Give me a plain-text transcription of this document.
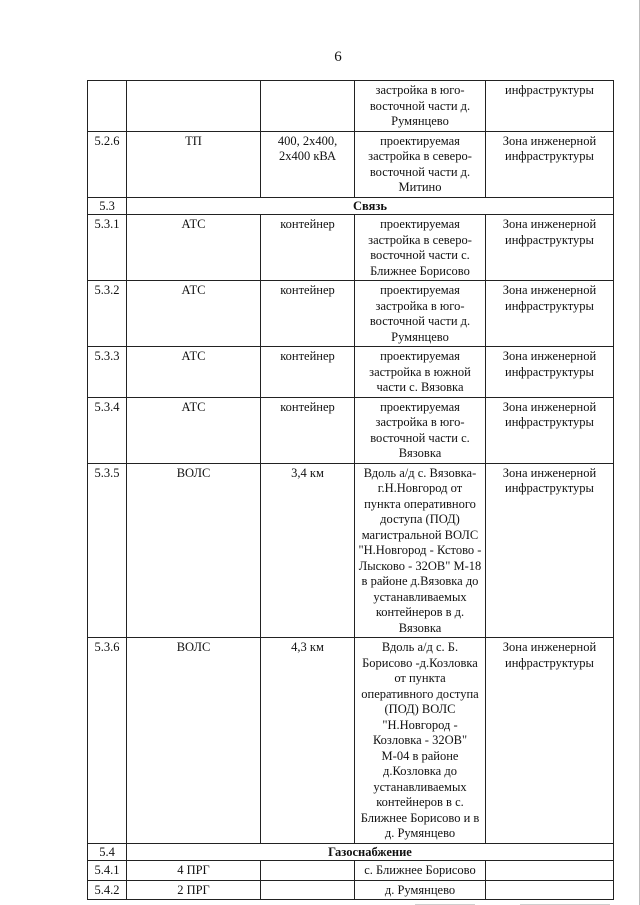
6
			застройка в юго-восточной части д. Румянцево	инфраструктуры
5.2.6	ТП	400, 2х400, 2х400 кВА	проектируемая застройка в северо-восточной части д. Митино	Зона инженерной инфраструктуры
5.3	Связь			
5.3.1	АТС	контейнер	проектируемая застройка в северо-восточной части с. Ближнее Борисово	Зона инженерной инфраструктуры
5.3.2	АТС	контейнер	проектируемая застройка в юго-восточной части д. Румянцево	Зона инженерной инфраструктуры
5.3.3	АТС	контейнер	проектируемая застройка в южной части с. Вязовка	Зона инженерной инфраструктуры
5.3.4	АТС	контейнер	проектируемая застройка в юго-восточной части с. Вязовка	Зона инженерной инфраструктуры
5.3.5	ВОЛС	3,4 км	Вдоль а/д с. Вязовка-г.Н.Новгород от пункта оперативного доступа (ПОД) магистральной ВОЛС "Н.Новгород - Кстово - Лысково - 32ОВ" М-18 в районе д.Вязовка до устанавливаемых контейнеров в д. Вязовка	Зона инженерной инфраструктуры
5.3.6	ВОЛС	4,3 км	Вдоль а/д с. Б. Борисово -д.Козловка от пункта оперативного доступа (ПОД) ВОЛС "Н.Новгород - Козловка - 32ОВ" М-04 в районе д.Козловка до устанавливаемых контейнеров в с. Ближнее Борисово и в д. Румянцево	Зона инженерной инфраструктуры
5.4	Газоснабжение			
5.4.1	4 ПРГ		с. Ближнее Борисово	
5.4.2	2 ПРГ		д. Румянцево	
